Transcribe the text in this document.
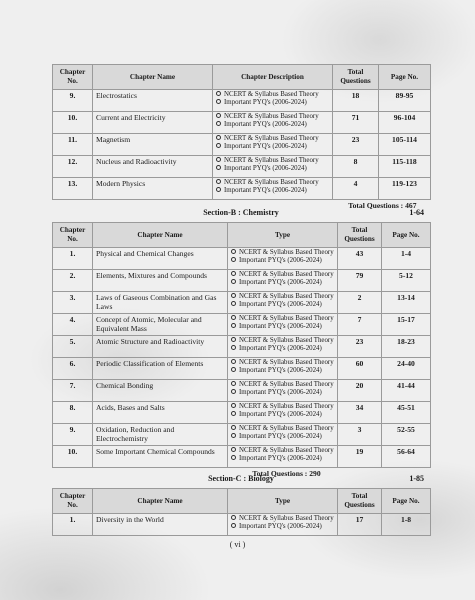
Chapter No.	Chapter Name	Chapter Description	Total Questions	Page No.
9.	Electrostatics	NCERT & Syllabus Based Theory
Important PYQ's (2006-2024)	18	89-95
10.	Current and Electricity	NCERT & Syllabus Based Theory
Important PYQ's (2006-2024)	71	96-104
11.	Magnetism	NCERT & Syllabus Based Theory
Important PYQ's (2006-2024)	23	105-114
12.	Nucleus and Radioactivity	NCERT & Syllabus Based Theory
Important PYQ's (2006-2024)	8	115-118
13.	Modern Physics	NCERT & Syllabus Based Theory
Important PYQ's (2006-2024)	4	119-123
Total Questions : 467				
Section-B : Chemistry	1-64
Chapter No.	Chapter Name	Type	Total Questions	Page No.
1.	Physical and Chemical Changes	NCERT & Syllabus Based Theory
Important PYQ's (2006-2024)	43	1-4
2.	Elements, Mixtures and Compounds	NCERT & Syllabus Based Theory
Important PYQ's (2006-2024)	79	5-12
3.	Laws of Gaseous Combination and Gas Laws	NCERT & Syllabus Based Theory
Important PYQ's (2006-2024)	2	13-14
4.	Concept of Atomic, Molecular and Equivalent Mass	NCERT & Syllabus Based Theory
Important PYQ's (2006-2024)	7	15-17
5.	Atomic Structure and Radioactivity	NCERT & Syllabus Based Theory
Important PYQ's (2006-2024)	23	18-23
6.	Periodic Classification of Elements	NCERT & Syllabus Based Theory
Important PYQ's (2006-2024)	60	24-40
7.	Chemical Bonding	NCERT & Syllabus Based Theory
Important PYQ's (2006-2024)	20	41-44
8.	Acids, Bases and Salts	NCERT & Syllabus Based Theory
Important PYQ's (2006-2024)	34	45-51
9.	Oxidation, Reduction and Electrochemistry	NCERT & Syllabus Based Theory
Important PYQ's (2006-2024)	3	52-55
10.	Some Important Chemical Compounds	NCERT & Syllabus Based Theory
Important PYQ's (2006-2024)	19	56-64
Total Questions : 290				
Section-C : Biology	1-85
Chapter No.	Chapter Name	Type	Total Questions	Page No.
1.	Diversity in the World	NCERT & Syllabus Based Theory
Important PYQ's (2006-2024)	17	1-8
( vi )
